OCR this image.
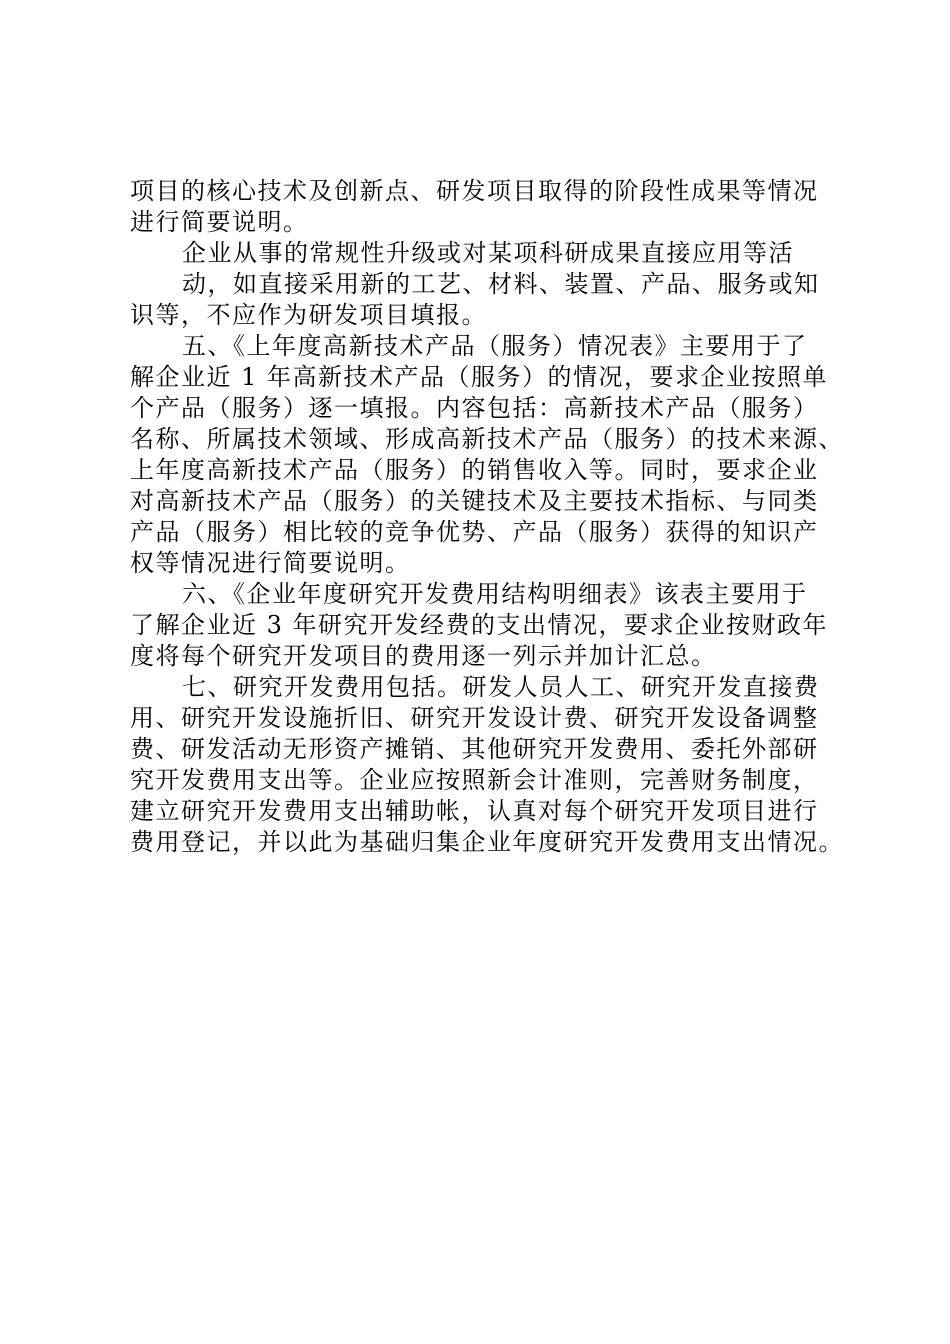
项目的核心技术及创新点、研发项目取得的阶段性成果等情况
进行简要说明。
企业从事的常规性升级或对某项科研成果直接应用等活
动，如直接采用新的工艺、材料、装置、产品、服务或知
识等，不应作为研发项目填报。
五、《上年度高新技术产品（服务）情况表》主要用于了
解企业近 1 年高新技术产品（服务）的情况，要求企业按照单
个产品（服务）逐一填报。内容包括：高新技术产品（服务）
名称、所属技术领域、形成高新技术产品（服务）的技术来源、
上年度高新技术产品（服务）的销售收入等。同时，要求企业
对高新技术产品（服务）的关键技术及主要技术指标、与同类
产品（服务）相比较的竞争优势、产品（服务）获得的知识产
权等情况进行简要说明。
六、《企业年度研究开发费用结构明细表》该表主要用于
了解企业近 3 年研究开发经费的支出情况，要求企业按财政年
度将每个研究开发项目的费用逐一列示并加计汇总。
七、研究开发费用包括。研发人员人工、研究开发直接费
用、研究开发设施折旧、研究开发设计费、研究开发设备调整
费、研发活动无形资产摊销、其他研究开发费用、委托外部研
究开发费用支出等。企业应按照新会计准则，完善财务制度，
建立研究开发费用支出辅助帐，认真对每个研究开发项目进行
费用登记，并以此为基础归集企业年度研究开发费用支出情况。
